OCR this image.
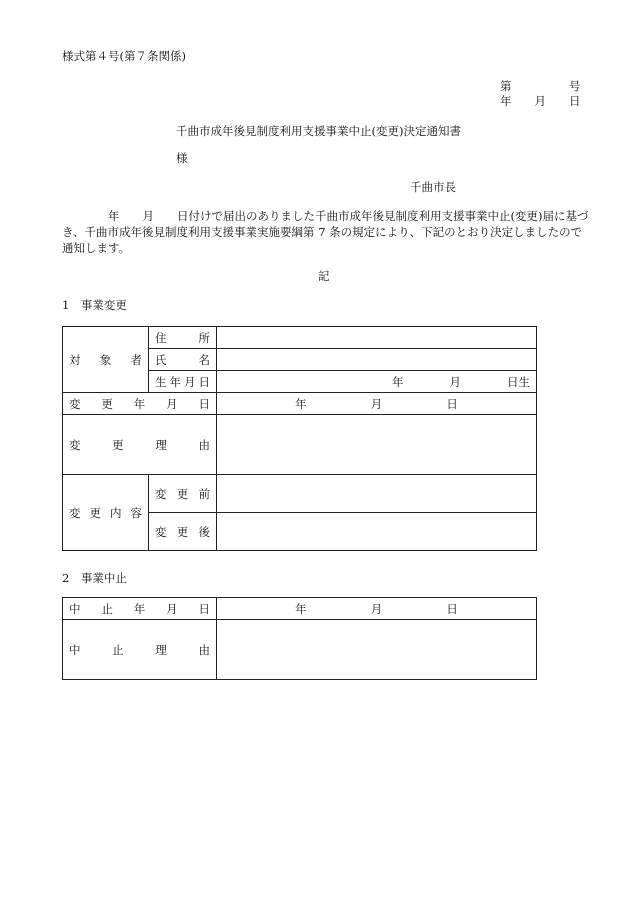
様式第４号(第７条関係)
第　　　　　号
年　　月　　日
千曲市成年後見制度利用支援事業中止(変更)決定通知書
様
千曲市長
年　　月　　日付けで届出のありました千曲市成年後見制度利用支援事業中止(変更)届に基づき、千曲市成年後見制度利用支援事業実施要綱第 7 条の規定により、下記のとおり決定しましたので通知します。
記
1　事業変更
対 象 者	住 所	

	氏 名	

	生 年 月 日	年 月 日生

変 更 年 月 日		年 月 日

変 更 理 由		

変 更 内 容	変 更 前	

	変 更 後	

2　事業中止
中 止 年 月 日	年 月 日

中 止 理 由	
